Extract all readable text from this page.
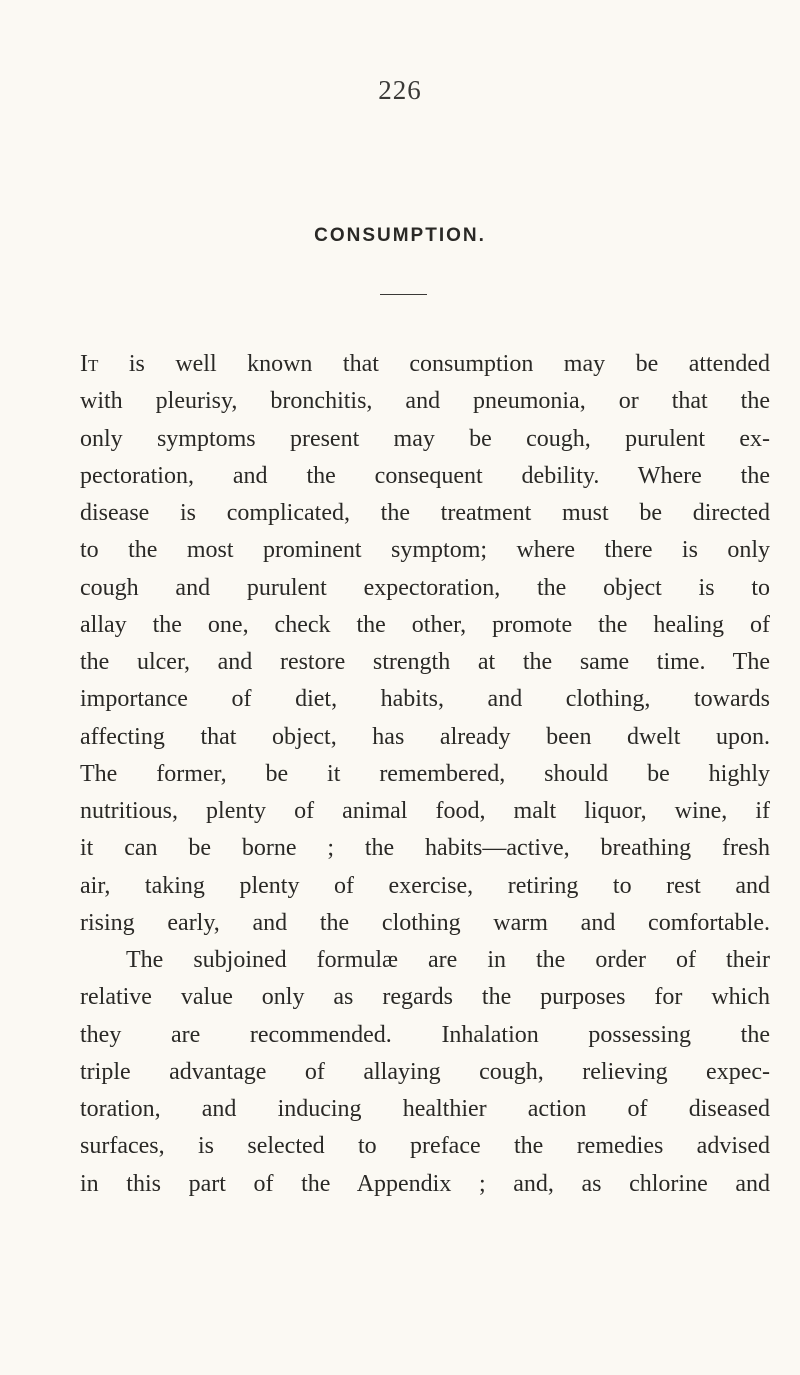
226
CONSUMPTION.
It is well known that consumption may be attended
with pleurisy, bronchitis, and pneumonia, or that the
only symptoms present may be cough, purulent ex-
pectoration, and the consequent debility. Where the
disease is complicated, the treatment must be directed
to the most prominent symptom; where there is only
cough and purulent expectoration, the object is to
allay the one, check the other, promote the healing of
the ulcer, and restore strength at the same time. The
importance of diet, habits, and clothing, towards
affecting that object, has already been dwelt upon.
The former, be it remembered, should be highly
nutritious, plenty of animal food, malt liquor, wine, if
it can be borne ; the habits—active, breathing fresh
air, taking plenty of exercise, retiring to rest and
rising early, and the clothing warm and comfortable.
The subjoined formulæ are in the order of their
relative value only as regards the purposes for which
they are recommended. Inhalation possessing the
triple advantage of allaying cough, relieving expec-
toration, and inducing healthier action of diseased
surfaces, is selected to preface the remedies advised
in this part of the Appendix ; and, as chlorine and
